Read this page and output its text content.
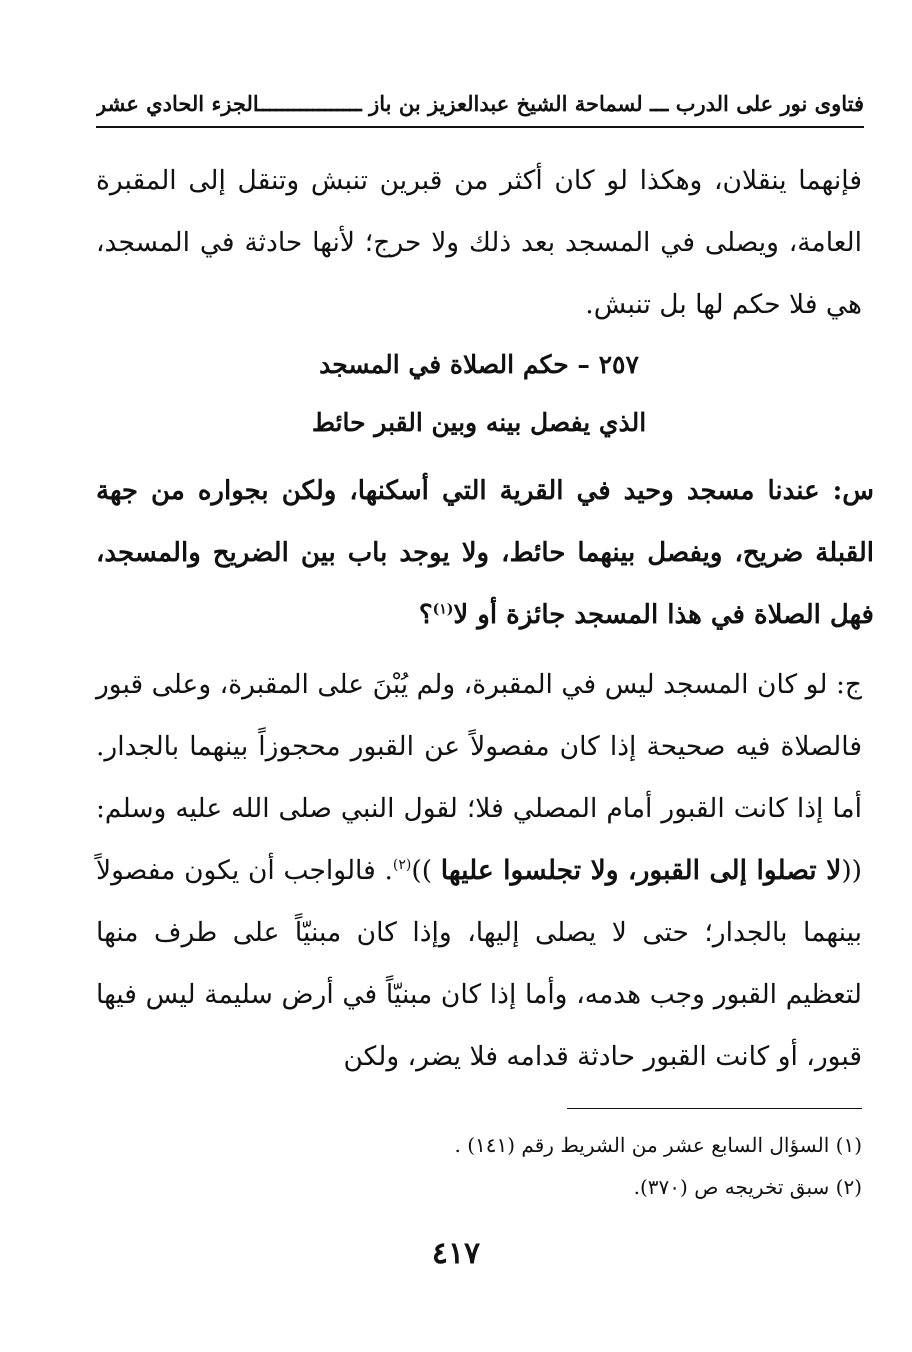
فتاوى نور على الدرب ـــ لسماحة الشيخ عبدالعزيز بن باز ـــــــــــــــــ
الجزء الحادي عشر
فإنهما ينقلان، وهكذا لو كان أكثر من قبرين تنبش وتنقل إلى المقبرة العامة، ويصلى في المسجد بعد ذلك ولا حرج؛ لأنها حادثة في المسجد، هي فلا حكم لها بل تنبش.
٢٥٧ – حكم الصلاة في المسجد
الذي يفصل بينه وبين القبر حائط
س: عندنا مسجد وحيد في القرية التي أسكنها، ولكن بجواره من جهة القبلة ضريح، ويفصل بينهما حائط، ولا يوجد باب بين الضريح والمسجد، فهل الصلاة في هذا المسجد جائزة أو لا$^{(١)}$؟
ج: لو كان المسجد ليس في المقبرة، ولم يُبْنَ على المقبرة، وعلى قبور فالصلاة فيه صحيحة إذا كان مفصولاً عن القبور محجوزاً بينهما بالجدار. أما إذا كانت القبور أمام المصلي فلا؛ لقول النبي صلى الله عليه وسلم: ((لا تصلوا إلى القبور، ولا تجلسوا عليها ))$^{(٢)}$. فالواجب أن يكون مفصولاً بينهما بالجدار؛ حتى لا يصلى إليها، وإذا كان مبنيّاً على طرف منها لتعظيم القبور وجب هدمه، وأما إذا كان مبنيّاً في أرض سليمة ليس فيها قبور، أو كانت القبور حادثة قدامه فلا يضر، ولكن
(١) السؤال السابع عشر من الشريط رقم (١٤١) .
(٢) سبق تخريجه ص (٣٧٠).
٤١٧
